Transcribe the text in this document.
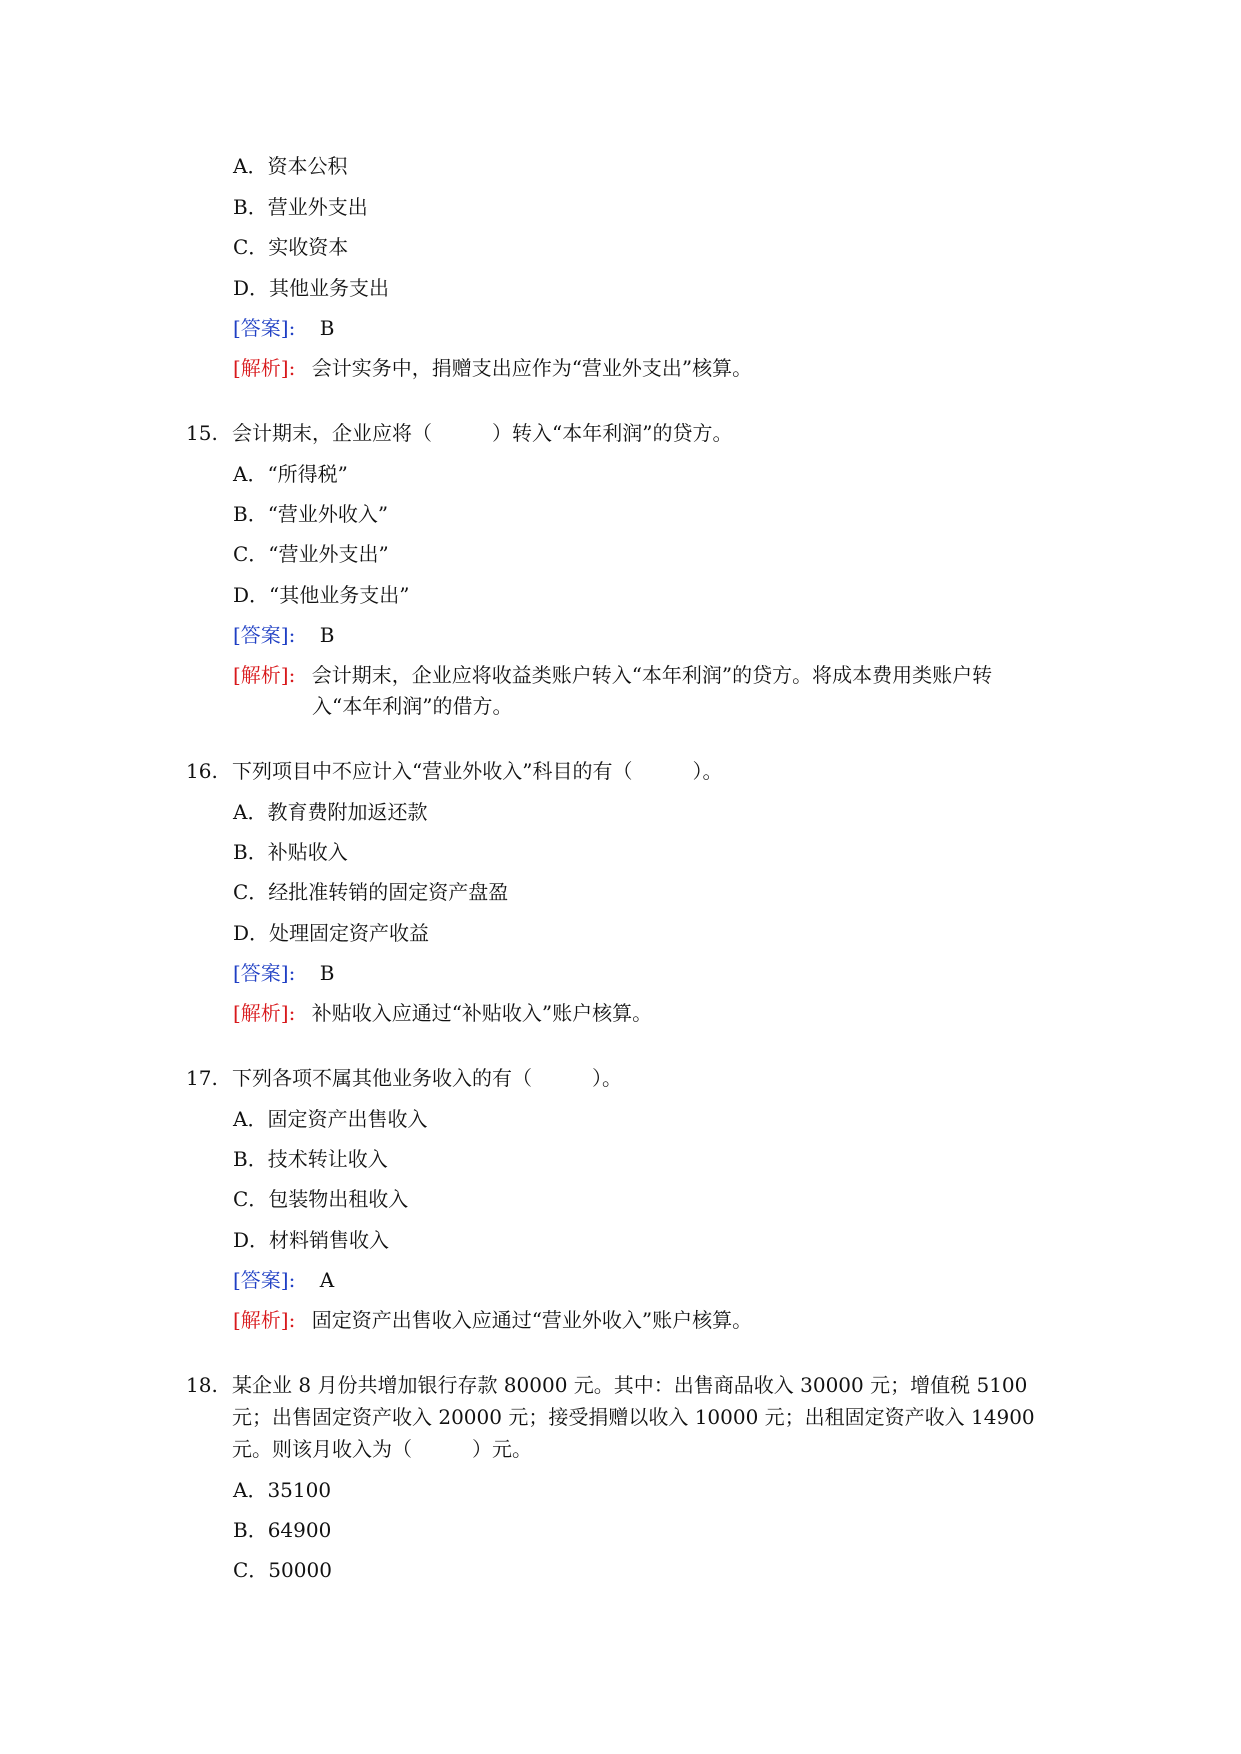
A．资本公积
B．营业外支出
C．实收资本
D．其他业务支出
[答案]: B
[解析]: 会计实务中，捐赠支出应作为“营业外支出”核算。
15. 会计期末，企业应将（　　　）转入“本年利润”的贷方。
A．“所得税”
B．“营业外收入”
C．“营业外支出”
D．“其他业务支出”
[答案]: B
[解析]: 会计期末，企业应将收益类账户转入“本年利润”的贷方。将成本费用类账户转
入“本年利润”的借方。
16. 下列项目中不应计入“营业外收入”科目的有（　　　）。
A．教育费附加返还款
B．补贴收入
C．经批准转销的固定资产盘盈
D．处理固定资产收益
[答案]: B
[解析]: 补贴收入应通过“补贴收入”账户核算。
17. 下列各项不属其他业务收入的有（　　　）。
A．固定资产出售收入
B．技术转让收入
C．包装物出租收入
D．材料销售收入
[答案]: A
[解析]: 固定资产出售收入应通过“营业外收入”账户核算。
18. 某企业 8 月份共增加银行存款 80000 元。其中：出售商品收入 30000 元；增值税 5100
元；出售固定资产收入 20000 元；接受捐赠以收入 10000 元；出租固定资产收入 14900
元。则该月收入为（　　　）元。
A．35100
B．64900
C．50000
